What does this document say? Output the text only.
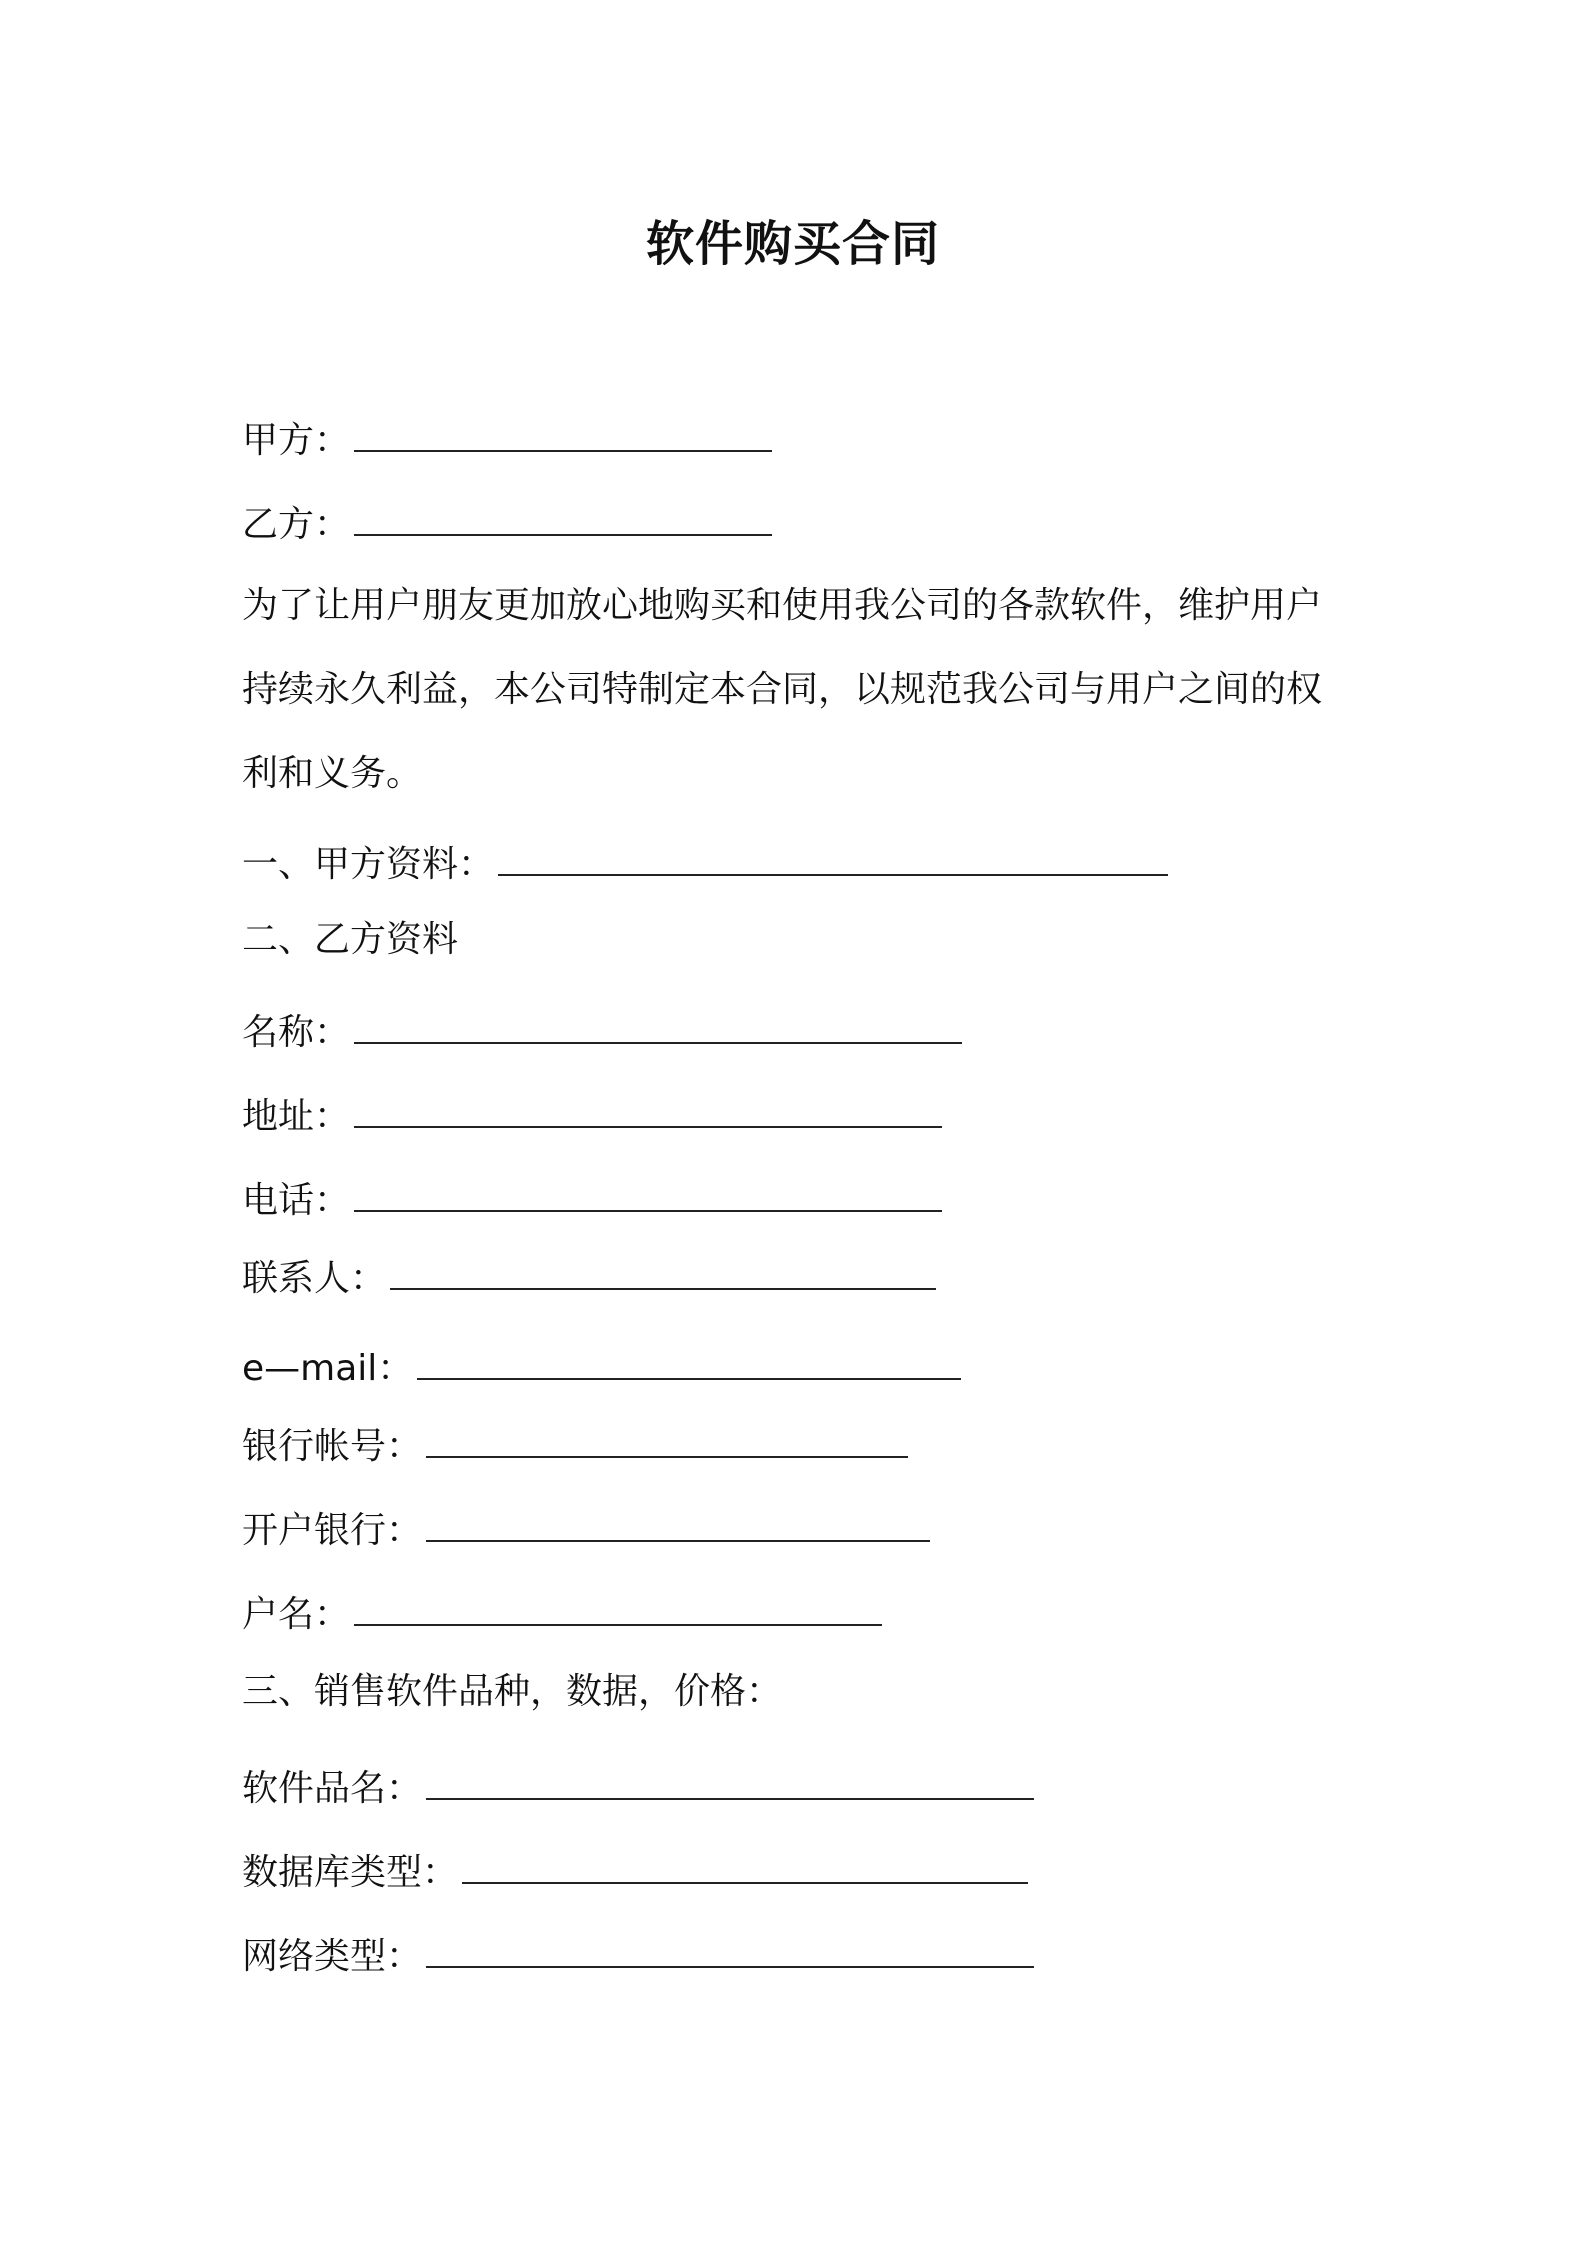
软件购买合同
甲方：
乙方：
为了让用户朋友更加放心地购买和使用我公司的各款软件，维护用户
持续永久利益，本公司特制定本合同，以规范我公司与用户之间的权
利和义务。
一、甲方资料：
二、乙方资料
名称：
地址：
电话：
联系人：
e—mail：
银行帐号：
开户银行：
户名：
三、销售软件品种，数据，价格：
软件品名：
数据库类型：
网络类型：
